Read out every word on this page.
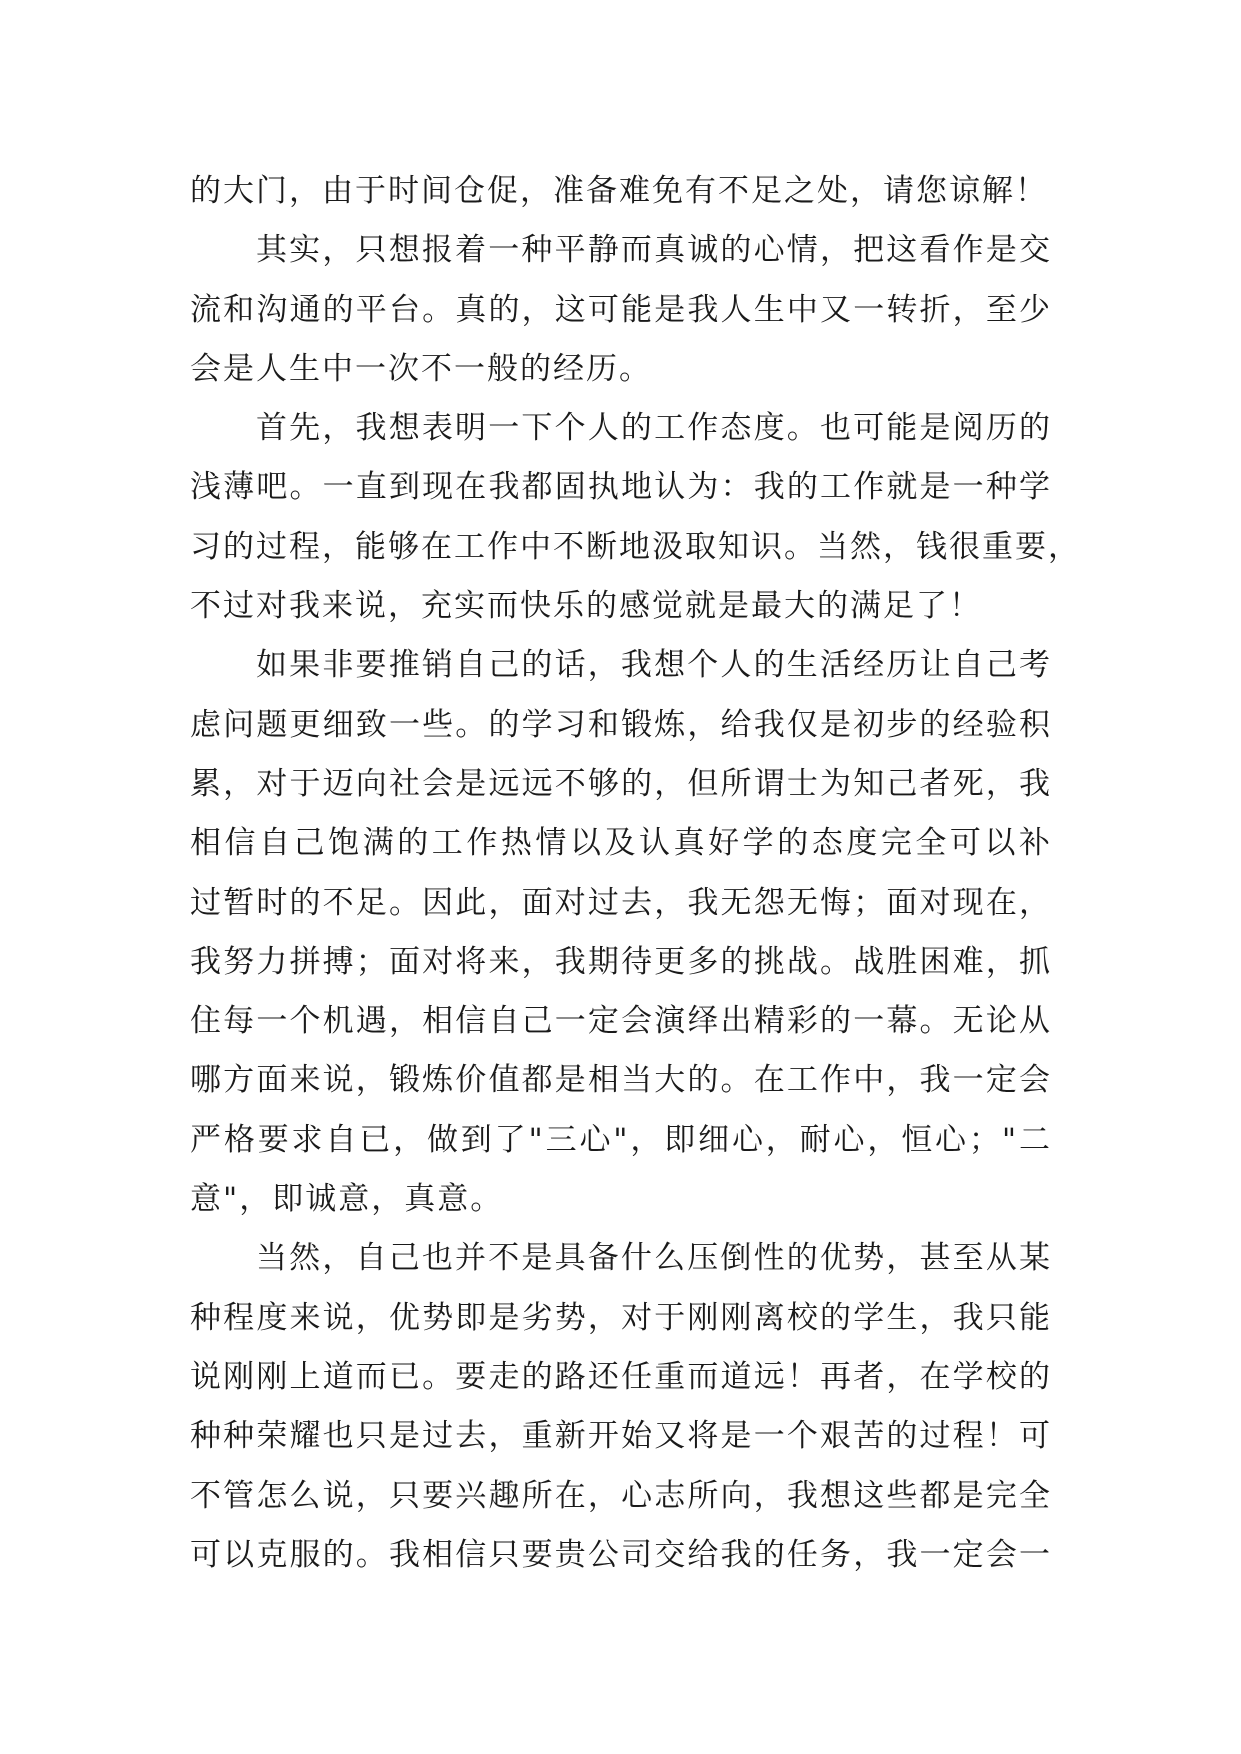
的大门，由于时间仓促，准备难免有不足之处，请您谅解！
其实，只想报着一种平静而真诚的心情，把这看作是交
流和沟通的平台。真的，这可能是我人生中又一转折，至少
会是人生中一次不一般的经历。
首先，我想表明一下个人的工作态度。也可能是阅历的
浅薄吧。一直到现在我都固执地认为：我的工作就是一种学
习的过程，能够在工作中不断地汲取知识。当然，钱很重要，
不过对我来说，充实而快乐的感觉就是最大的满足了！
如果非要推销自己的话，我想个人的生活经历让自己考
虑问题更细致一些。的学习和锻炼，给我仅是初步的经验积
累，对于迈向社会是远远不够的，但所谓士为知己者死，我
相信自己饱满的工作热情以及认真好学的态度完全可以补
过暂时的不足。因此，面对过去，我无怨无悔；面对现在，
我努力拼搏；面对将来，我期待更多的挑战。战胜困难，抓
住每一个机遇，相信自己一定会演绎出精彩的一幕。无论从
哪方面来说，锻炼价值都是相当大的。在工作中，我一定会
严格要求自已，做到了"三心"，即细心，耐心，恒心；"二
意"，即诚意，真意。
当然，自己也并不是具备什么压倒性的优势，甚至从某
种程度来说，优势即是劣势，对于刚刚离校的学生，我只能
说刚刚上道而已。要走的路还任重而道远！再者，在学校的
种种荣耀也只是过去，重新开始又将是一个艰苦的过程！可
不管怎么说，只要兴趣所在，心志所向，我想这些都是完全
可以克服的。我相信只要贵公司交给我的任务，我一定会一
